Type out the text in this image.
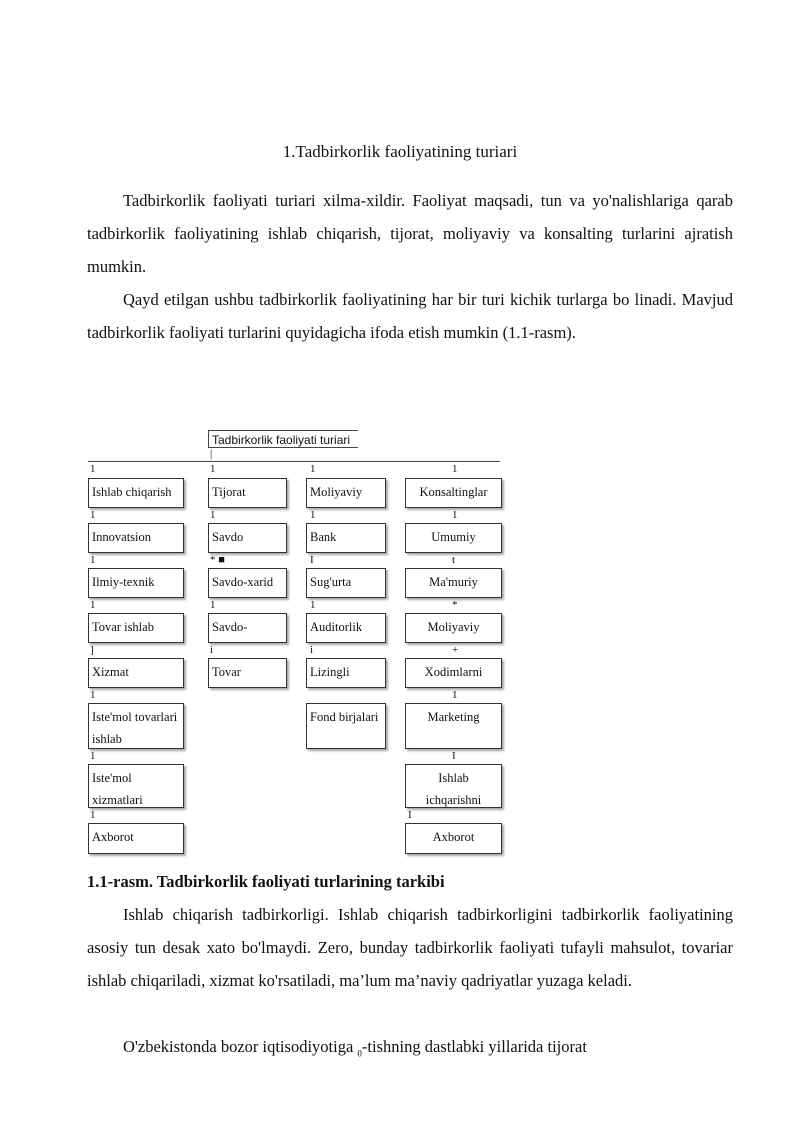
1.Tadbirkorlik faoliyatining turiari

Tadbirkorlik faoliyati turiari xilma-xildir. Faoliyat maqsadi, tun va yo'nalishlariga qarab tadbirkorlik faoliyatining ishlab chiqarish, tijorat, moliyaviy va konsalting turlarini ajratish mumkin.

Qayd etilgan ushbu tadbirkorlik faoliyatining har bir turi kichik turlarga bo linadi. Mavjud tadbirkorlik faoliyati turlarini quyidagicha ifoda etish mumkin (1.1-rasm).

Tadbirkorlik faoliyati turiari
|
1
Ishlab chiqarish
1
Innovatsion
1
Ilmiy-texnik
1
Tovar ishlab
]
Xizmat
1
Iste'mol tovarlari ishlab
1
Iste'mol xizmatlari
1
Axborot
1
Tijorat
1
Savdo
* ■
Savdo-xarid
1
Savdo-
i
Tovar
1
Moliyaviy
1
Bank
I
Sug'urta
1
Auditorlik
i
Lizingli
Fond birjalari
1
Konsaltinglar
1
Umumiy
t
Ma'muriy
*
Moliyaviy
+
Xodimlarni
1
Marketing
I
Ishlab ichqarishni
I
Axborot
1.1-rasm. Tadbirkorlik faoliyati turlarining tarkibi

Ishlab chiqarish tadbirkorligi. Ishlab chiqarish tadbirkorligini tadbirkorlik faoliyatining asosiy tun desak xato bo'lmaydi. Zero, bunday tadbirkorlik faoliyati tufayli mahsulot, tovariar ishlab chiqariladi, xizmat ko'rsatiladi, ma’lum ma’naviy qadriyatlar yuzaga keladi.

O'zbekistonda bozor iqtisodiyotiga $_0$-tishning dastlabki yillarida tijorat
